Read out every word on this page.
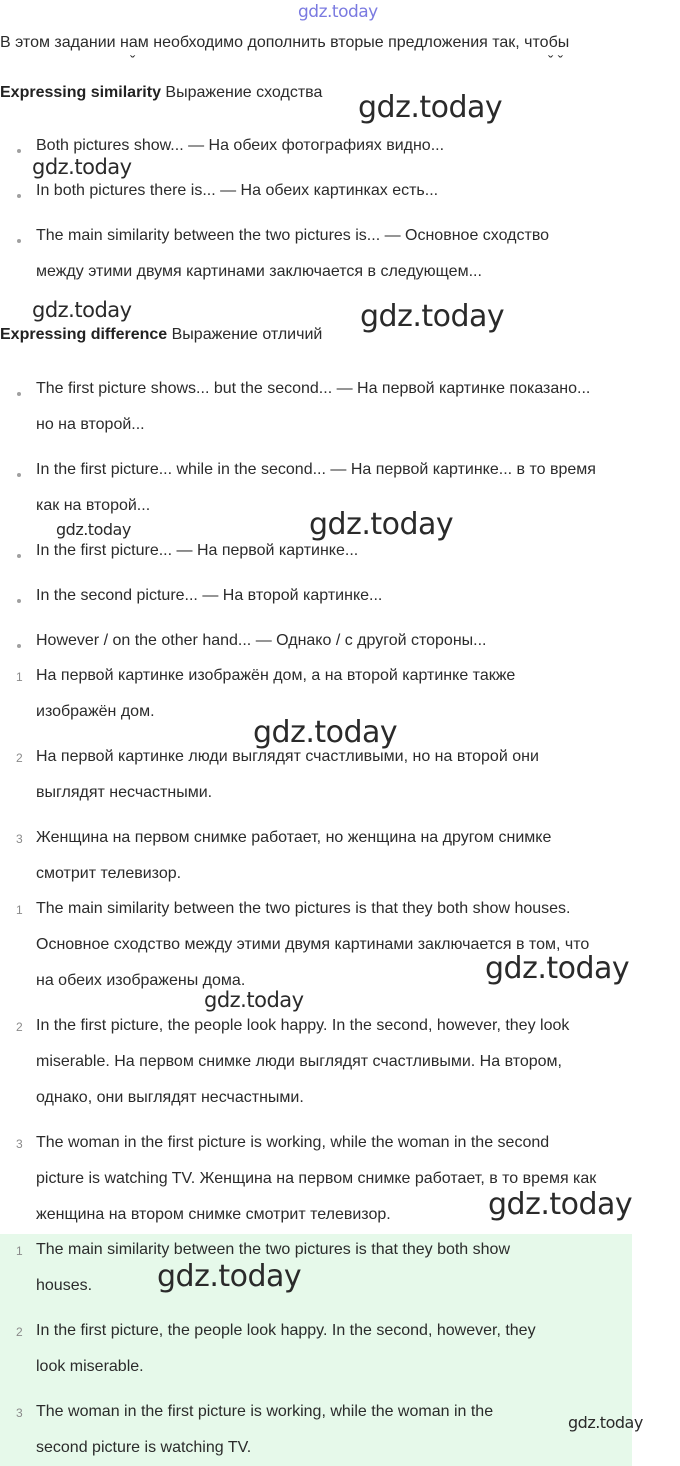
gdz.today
В этом задании нам необходимо дополнить вторые предложения так, чтобы
ˇ	ˇ ˇ
Expressing similarity Выражение сходства
Both pictures show... — На обеих фотографиях видно...
In both pictures there is... — На обеих картинках есть...
The main similarity between the two pictures is... — Основное сходство
между этими двумя картинами заключается в следующем...
Expressing difference Выражение отличий
The first picture shows... but the second... — На первой картинке показано...
но на второй...
In the first picture... while in the second... — На первой картинке... в то время
как на второй...
In the first picture... — На первой картинке...
In the second picture... — На второй картинке...
However / on the other hand... — Однако / с другой стороны...
1 На первой картинке изображён дом, а на второй картинке также
изображён дом.
2 На первой картинке люди выглядят счастливыми, но на второй они
выглядят несчастными.
3 Женщина на первом снимке работает, но женщина на другом снимке
смотрит телевизор.
1 The main similarity between the two pictures is that they both show houses.
Основное сходство между этими двумя картинами заключается в том, что
на обеих изображены дома.
2 In the first picture, the people look happy. In the second, however, they look
miserable. На первом снимке люди выглядят счастливыми. На втором,
однако, они выглядят несчастными.
3 The woman in the first picture is working, while the woman in the second
picture is watching TV. Женщина на первом снимке работает, в то время как
женщина на втором снимке смотрит телевизор.
1 The main similarity between the two pictures is that they both show
houses.
2 In the first picture, the people look happy. In the second, however, they
look miserable.
3 The woman in the first picture is working, while the woman in the
second picture is watching TV.
gdz.today
gdz.today
gdz.today	gdz.today
gdz.today	gdz.today
gdz.today
gdz.today
gdz.today
gdz.today
gdz.today
gdz.today
